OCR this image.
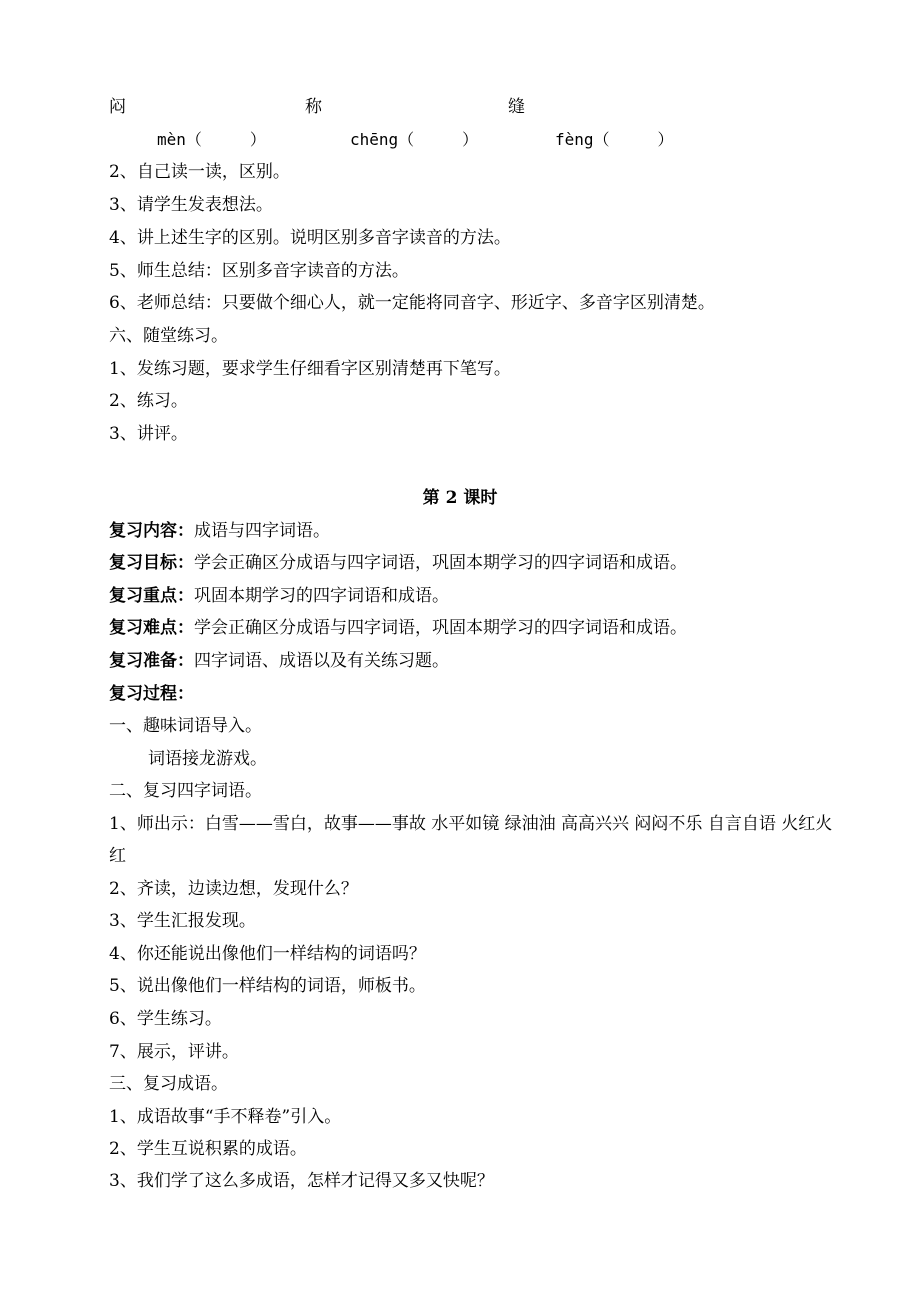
闷	称	缝
mèn（　　　）	chēng（　　　）	fèng（　　　）
2、自己读一读，区别。
3、请学生发表想法。
4、讲上述生字的区别。说明区别多音字读音的方法。
5、师生总结：区别多音字读音的方法。
6、老师总结：只要做个细心人，就一定能将同音字、形近字、多音字区别清楚。
六、随堂练习。
1、发练习题，要求学生仔细看字区别清楚再下笔写。
2、练习。
3、讲评。
第 2 课时
复习内容：成语与四字词语。
复习目标：学会正确区分成语与四字词语，巩固本期学习的四字词语和成语。
复习重点：巩固本期学习的四字词语和成语。
复习难点：学会正确区分成语与四字词语，巩固本期学习的四字词语和成语。
复习准备：四字词语、成语以及有关练习题。
复习过程：
一、趣味词语导入。
词语接龙游戏。
二、复习四字词语。
1、师出示：白雪——雪白，故事——事故 水平如镜 绿油油 高高兴兴 闷闷不乐 自言自语 火红火红
2、齐读，边读边想，发现什么？
3、学生汇报发现。
4、你还能说出像他们一样结构的词语吗？
5、说出像他们一样结构的词语，师板书。
6、学生练习。
7、展示，评讲。
三、复习成语。
1、成语故事“手不释卷”引入。
2、学生互说积累的成语。
3、我们学了这么多成语，怎样才记得又多又快呢？
